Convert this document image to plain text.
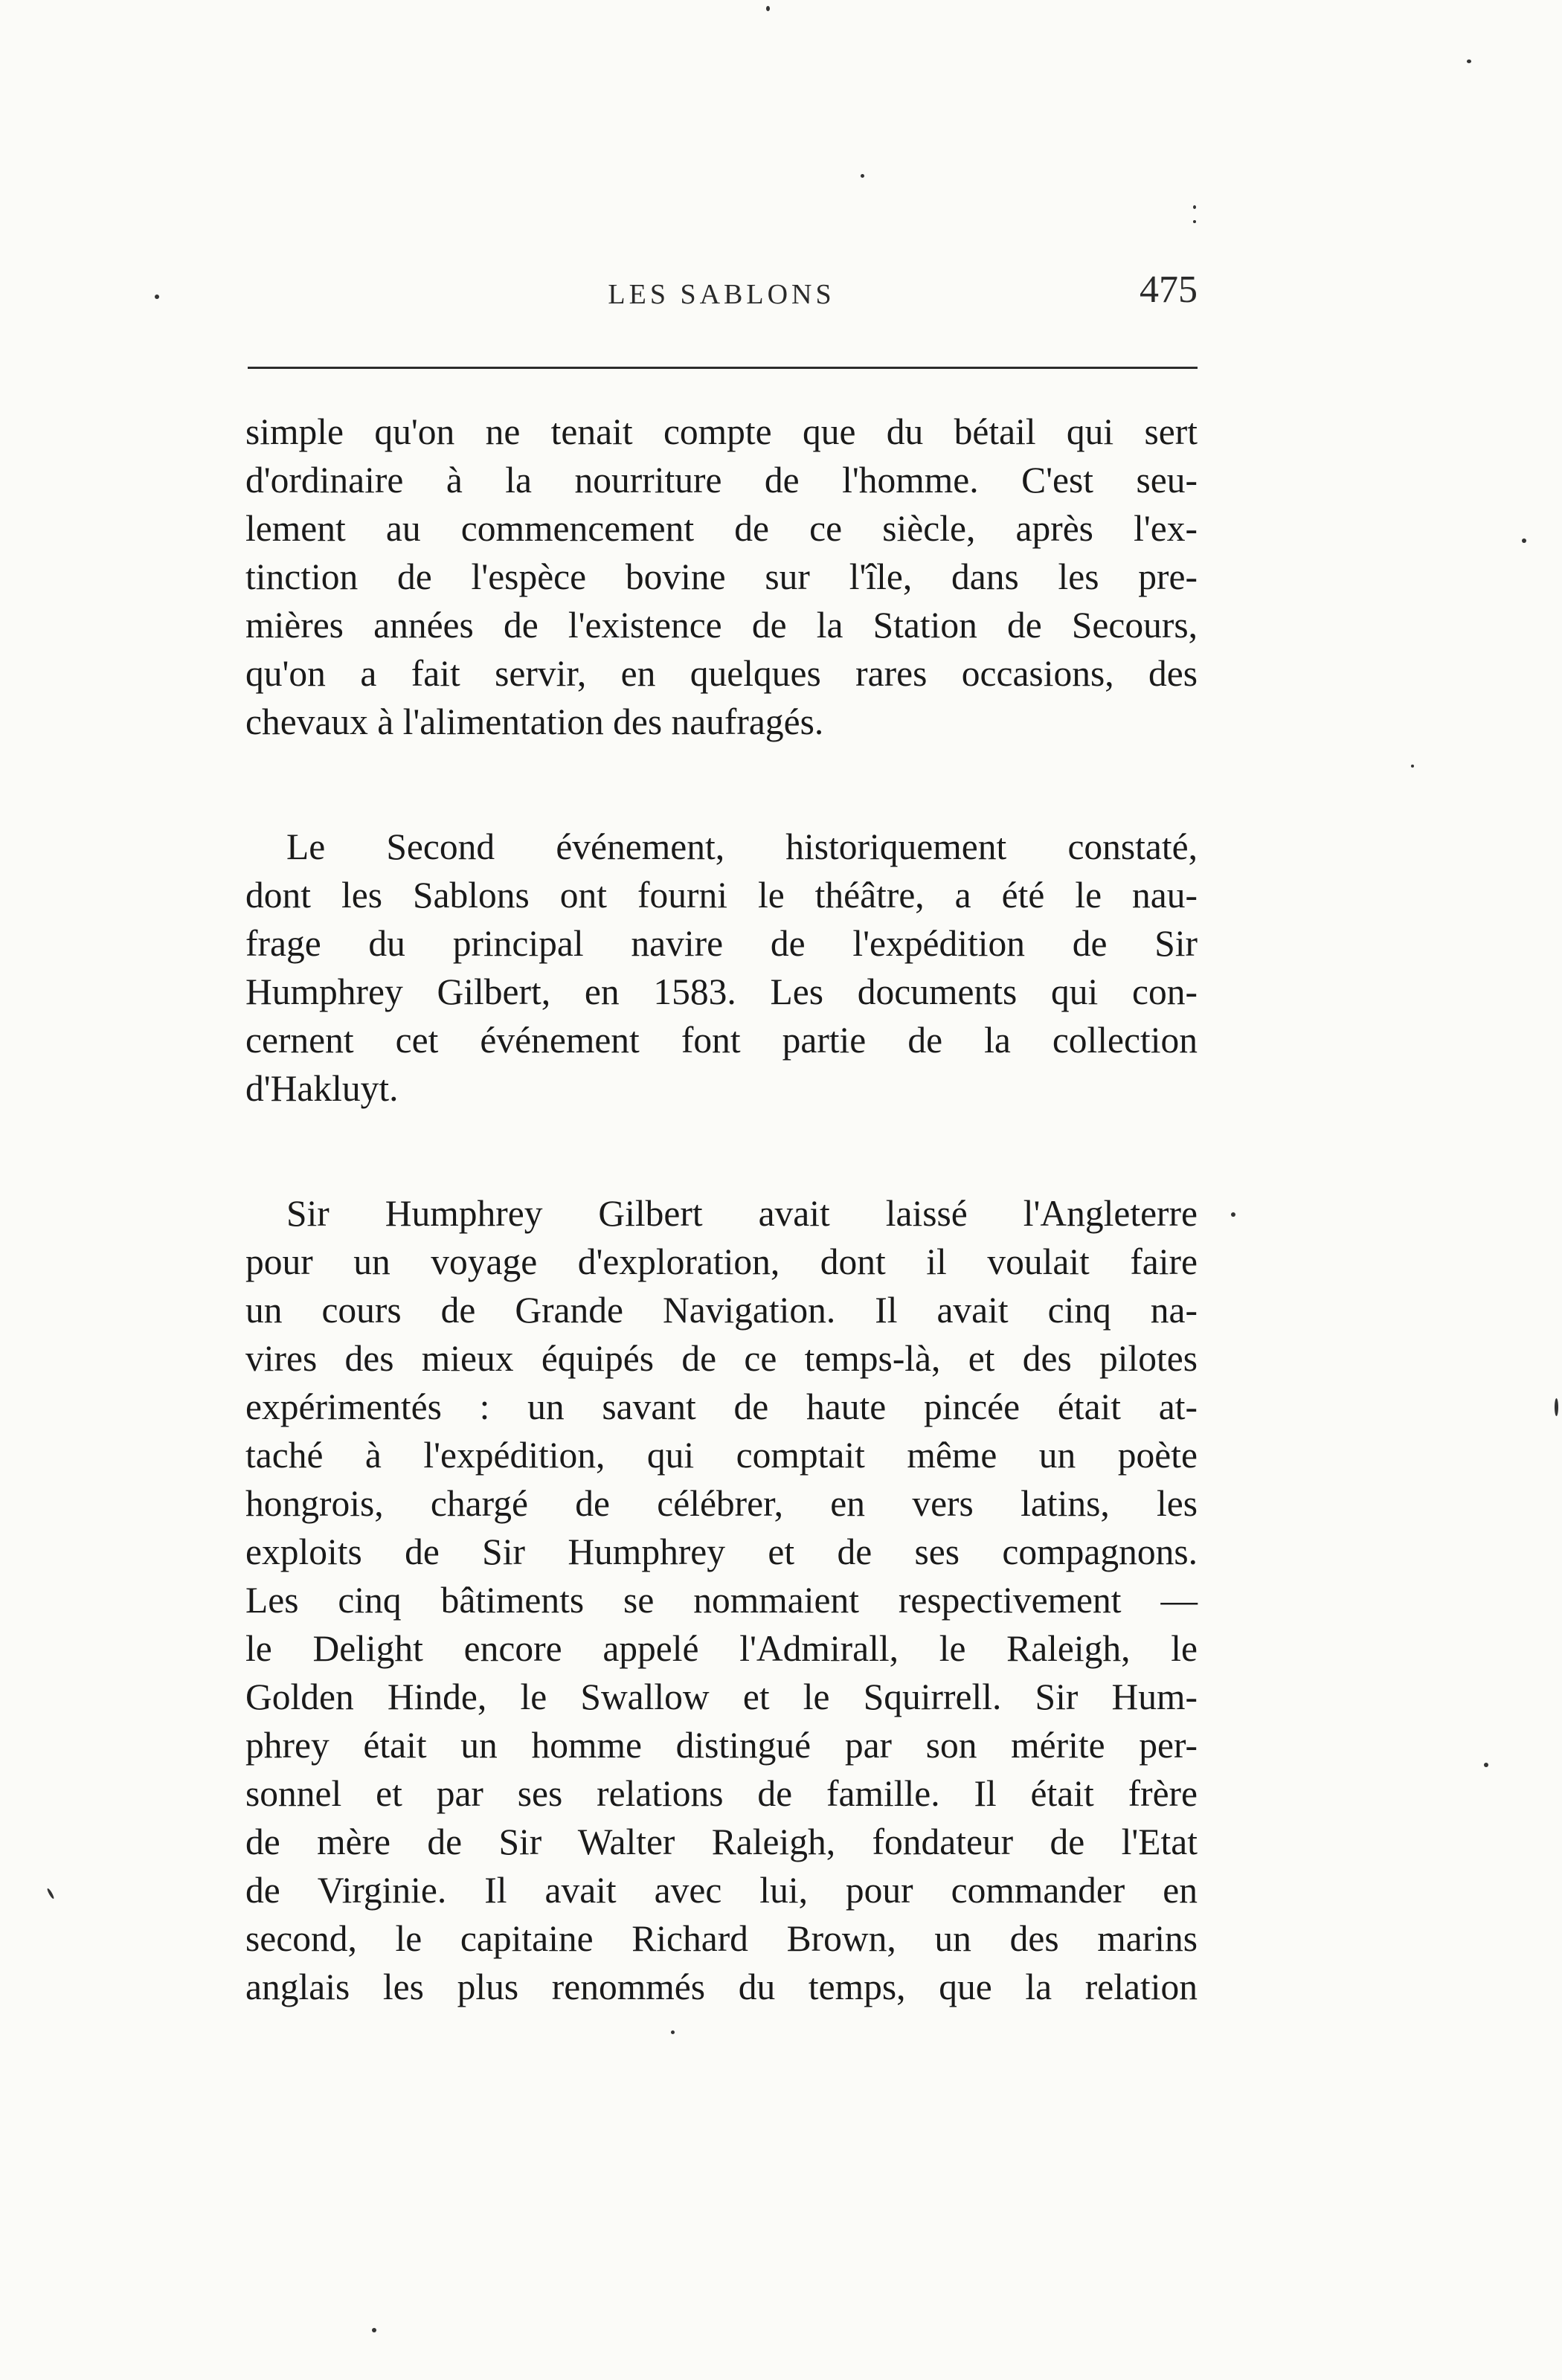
LES SABLONS	475

simple qu'on ne tenait compte que du bétail qui sert
d'ordinaire à la nourriture de l'homme. C'est seu-
lement au commencement de ce siècle, après l'ex-
tinction de l'espèce bovine sur l'île, dans les pre-
mières années de l'existence de la Station de Secours,
qu'on a fait servir, en quelques rares occasions, des
chevaux à l'alimentation des naufragés.

Le Second événement, historiquement constaté,
dont les Sablons ont fourni le théâtre, a été le nau-
frage du principal navire de l'expédition de Sir
Humphrey Gilbert, en 1583. Les documents qui con-
cernent cet événement font partie de la collection
d'Hakluyt.

Sir Humphrey Gilbert avait laissé l'Angleterre
pour un voyage d'exploration, dont il voulait faire
un cours de Grande Navigation. Il avait cinq na-
vires des mieux équipés de ce temps-là, et des pilotes
expérimentés : un savant de haute pincée était at-
taché à l'expédition, qui comptait même un poète
hongrois, chargé de célébrer, en vers latins, les
exploits de Sir Humphrey et de ses compagnons.
Les cinq bâtiments se nommaient respectivement —
le Delight encore appelé l'Admirall, le Raleigh, le
Golden Hinde, le Swallow et le Squirrell. Sir Hum-
phrey était un homme distingué par son mérite per-
sonnel et par ses relations de famille. Il était frère
de mère de Sir Walter Raleigh, fondateur de l'Etat
de Virginie. Il avait avec lui, pour commander en
second, le capitaine Richard Brown, un des marins
anglais les plus renommés du temps, que la relation
